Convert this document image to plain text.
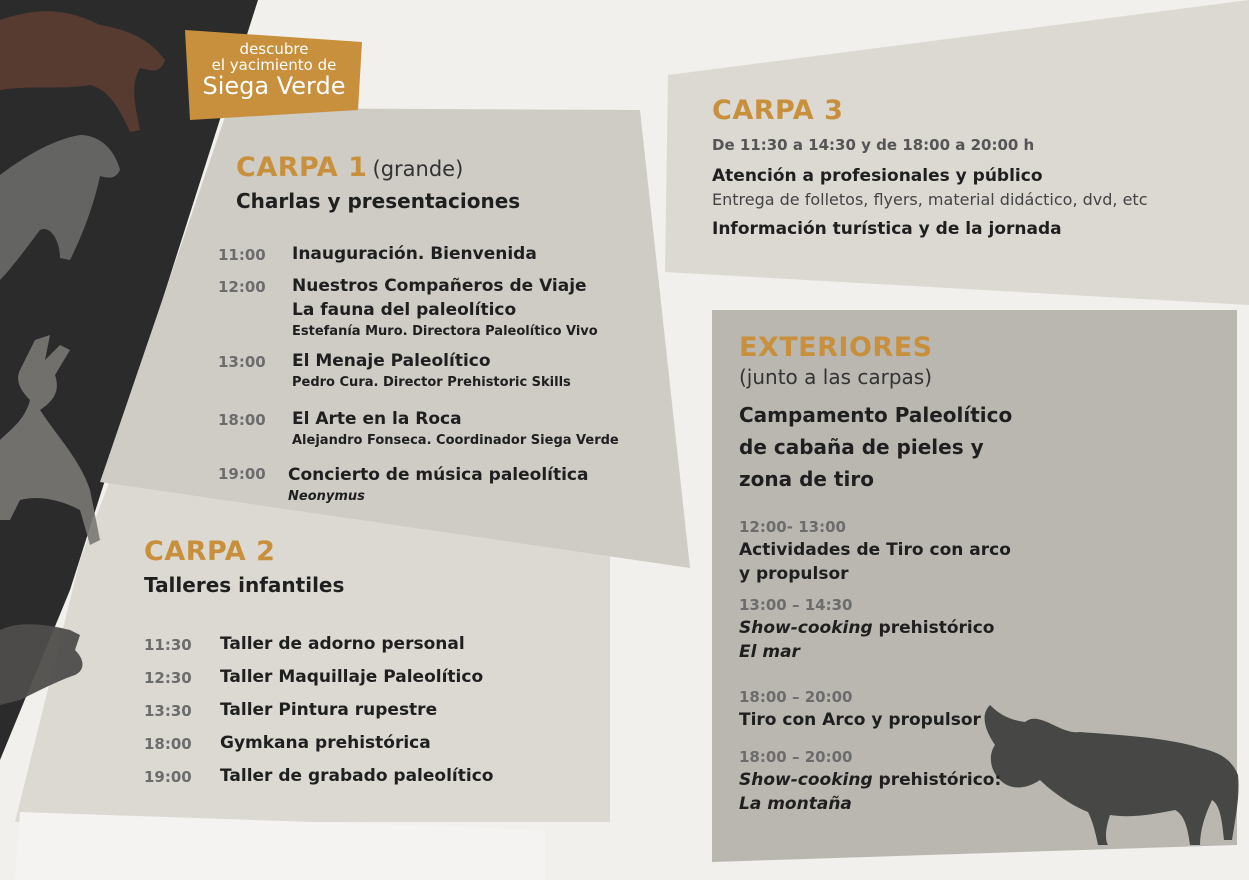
descubre
el yacimiento de
Siega Verde
CARPA 1 (grande)
Charlas y presentaciones
11:00 Inauguración. Bienvenida
12:00 Nuestros Compañeros de Viaje
La fauna del paleolítico
Estefanía Muro. Directora Paleolítico Vivo
13:00 El Menaje Paleolítico
Pedro Cura. Director Prehistoric Skills
18:00 El Arte en la Roca
Alejandro Fonseca. Coordinador Siega Verde
19:00 Concierto de música paleolítica
Neonymus
CARPA 2
Talleres infantiles
11:30 Taller de adorno personal
12:30 Taller Maquillaje Paleolítico
13:30 Taller Pintura rupestre
18:00 Gymkana prehistórica
19:00 Taller de grabado paleolítico
CARPA 3
De 11:30 a 14:30 y de 18:00 a 20:00 h
Atención a profesionales y público
Entrega de folletos, flyers, material didáctico, dvd, etc
Información turística y de la jornada
EXTERIORES
(junto a las carpas)
Campamento Paleolítico
de cabaña de pieles y
zona de tiro
12:00- 13:00
Actividades de Tiro con arco
y propulsor
13:00 – 14:30
Show-cooking prehistórico
El mar
18:00 – 20:00
Tiro con Arco y propulsor
18:00 – 20:00
Show-cooking prehistórico:
La montaña
